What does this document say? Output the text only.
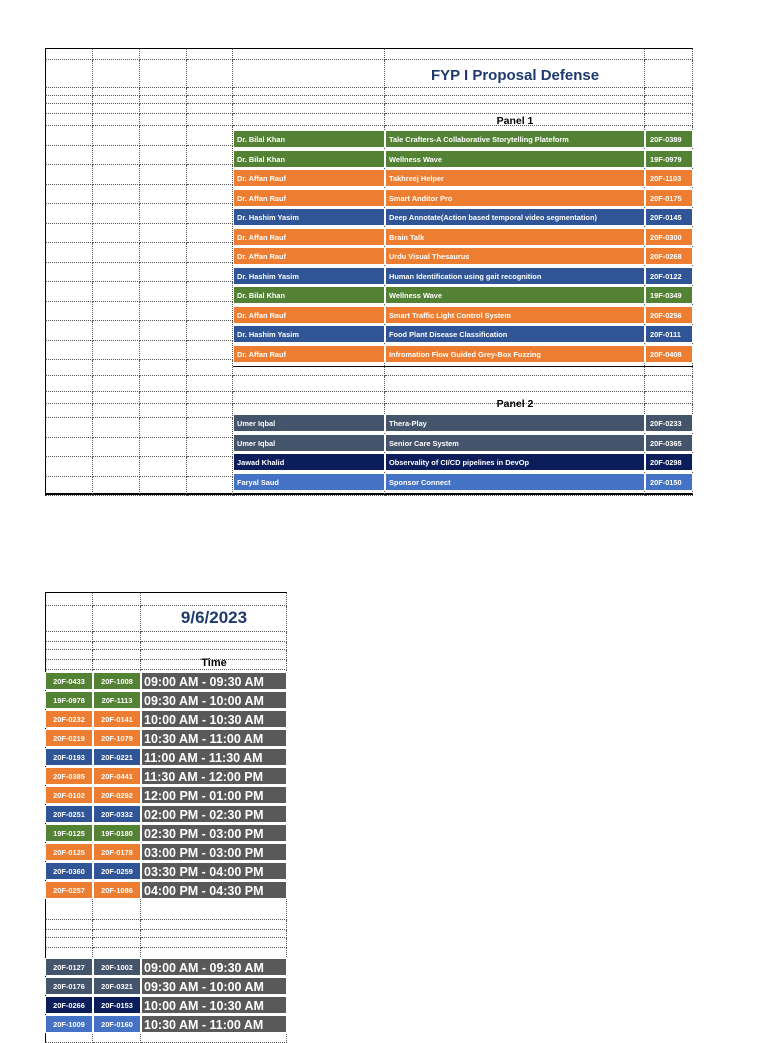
FYP I Proposal Defense
Panel 1
Dr. Bilal Khan	Tale Crafters-A Collaborative Storytelling Plateform	20F-0389
Dr. Bilal Khan	Wellness Wave	19F-0979
Dr. Affan Rauf	Takhreej Helper	20F-1103
Dr. Affan Rauf	Smart Anditor Pro	20F-0175
Dr. Hashim Yasim	Deep Annotate(Action based temporal video segmentation)	20F-0145
Dr. Affan Rauf	Brain Talk	20F-0300
Dr. Affan Rauf	Urdu Visual Thesaurus	20F-0268
Dr. Hashim Yasim	Human Identification using gait recognition	20F-0122
Dr. Bilal Khan	Wellness Wave	19F-0349
Dr. Affan Rauf	Smart Traffic Light Control System	20F-0256
Dr. Hashim Yasim	Food Plant Disease Classification	20F-0111
Dr. Affan Rauf	Infromation Flow Guided Grey-Box Fuzzing	20F-0408
Panel 2
Umer Iqbal	Thera-Play	20F-0233
Umer Iqbal	Senior Care System	20F-0365
Jawad Khalid	Observality of CI/CD pipelines in DevOp	20F-0298
Faryal Saud	Sponsor Connect	20F-0150
9/6/2023
Time
20F-0433	20F-1008 09:00 AM - 09:30 AM
19F-0978	20F-1113 09:30 AM - 10:00 AM
20F-0232	20F-0141 10:00 AM - 10:30 AM
20F-0219	20F-1079 10:30 AM - 11:00 AM
20F-0193	20F-0221 11:00 AM - 11:30 AM
20F-0385	20F-0441 11:30 AM - 12:00 PM
20F-0102	20F-0292 12:00 PM - 01:00 PM
20F-0251	20F-0332 02:00 PM - 02:30 PM
19F-0125	19F-0180 02:30 PM - 03:00 PM
20F-0125	20F-0178 03:00 PM - 03:00 PM
20F-0360	20F-0259 03:30 PM - 04:00 PM
20F-0257	20F-1086 04:00 PM - 04:30 PM
20F-0127	20F-1002 09:00 AM - 09:30 AM
20F-0176	20F-0321 09:30 AM - 10:00 AM
20F-0266	20F-0153 10:00 AM - 10:30 AM
20F-1009	20F-0160 10:30 AM - 11:00 AM
